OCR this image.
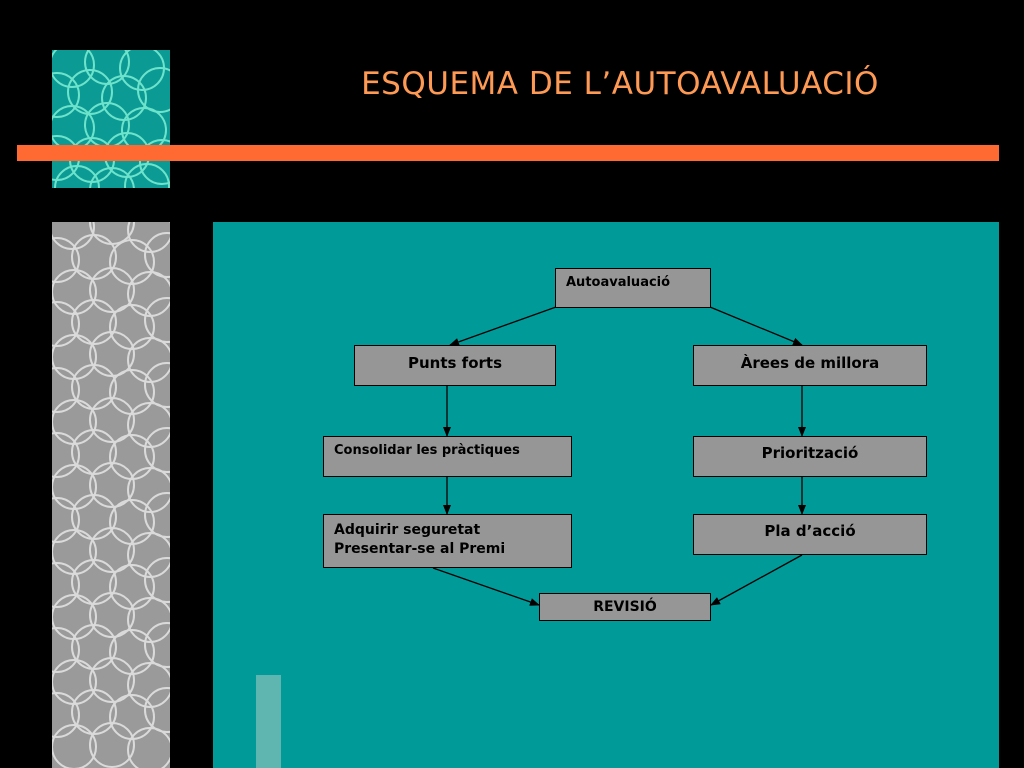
ESQUEMA DE L’AUTOAVALUACIÓ
Autoavaluació
Punts forts	Àrees de millora
Consolidar les pràctiques	Priorització
Adquirir seguretat
Presentar-se al Premi
Pla d’acció
REVISIÓ
